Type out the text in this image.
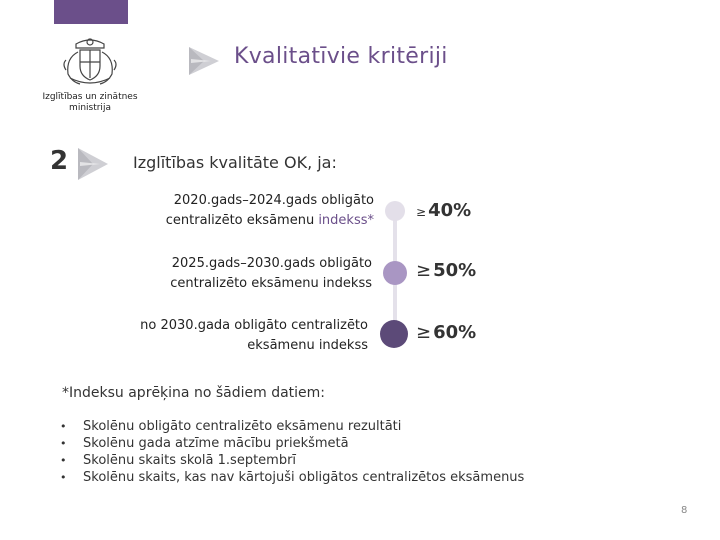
Izglītības un zinātnes
ministrija
Kvalitatīvie kritēriji
2	Izglītības kvalitāte OK, ja:
2020.gads–2024.gads obligāto
centralizēto eksāmenu indekss*
≥ 40%
2025.gads–2030.gads obligāto
centralizēto eksāmenu indekss
≥ 50%
no 2030.gada obligāto centralizēto
eksāmenu indekss
≥ 60%
*Indeksu aprēķina no šādiem datiem:
• Skolēnu obligāto centralizēto eksāmenu rezultāti
• Skolēnu gada atzīme mācību priekšmetā
• Skolēnu skaits skolā 1.septembrī
• Skolēnu skaits, kas nav kārtojuši obligātos centralizētos eksāmenus
8
